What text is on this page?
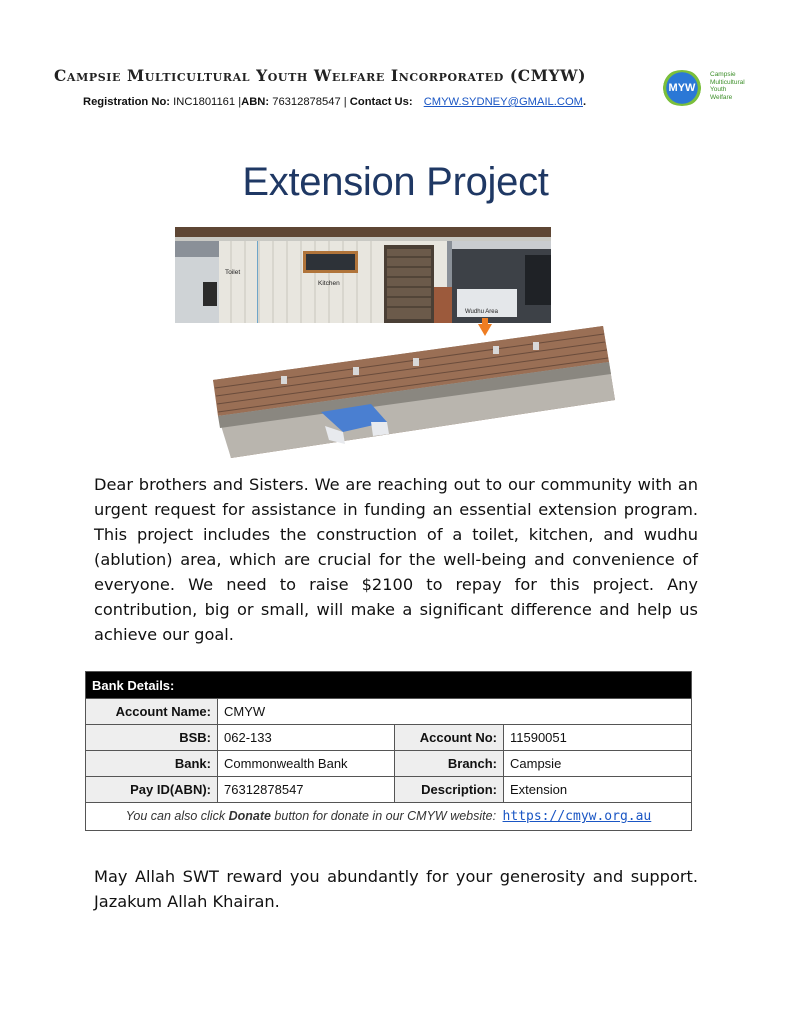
Campsie Multicultural Youth Welfare Incorporated (CMYW)
Registration No: INC1801161 |ABN: 76312878547 | Contact Us: CMYW.SYDNEY@GMAIL.COM.
MYW
Campsie
Multicultural
Youth
Welfare
Extension Project
Toilet
Kitchen
Wudhu Area
Dear brothers and Sisters. We are reaching out to our community with an urgent request for assistance in funding an essential extension program. This project includes the construction of a toilet, kitchen, and wudhu (ablution) area, which are crucial for the well-being and convenience of everyone. We need to raise $2100 to repay for this project. Any contribution, big or small, will make a significant difference and help us achieve our goal.
Bank Details:			
Account Name:	CMYW		
BSB:	062-133	Account No:	11590051
Bank:	Commonwealth Bank	Branch:	Campsie
Pay ID(ABN):	76312878547	Description:	Extension
You can also click Donate button for donate in our CMYW website: https://cmyw.org.au			
May Allah SWT reward you abundantly for your generosity and support. Jazakum Allah Khairan.
